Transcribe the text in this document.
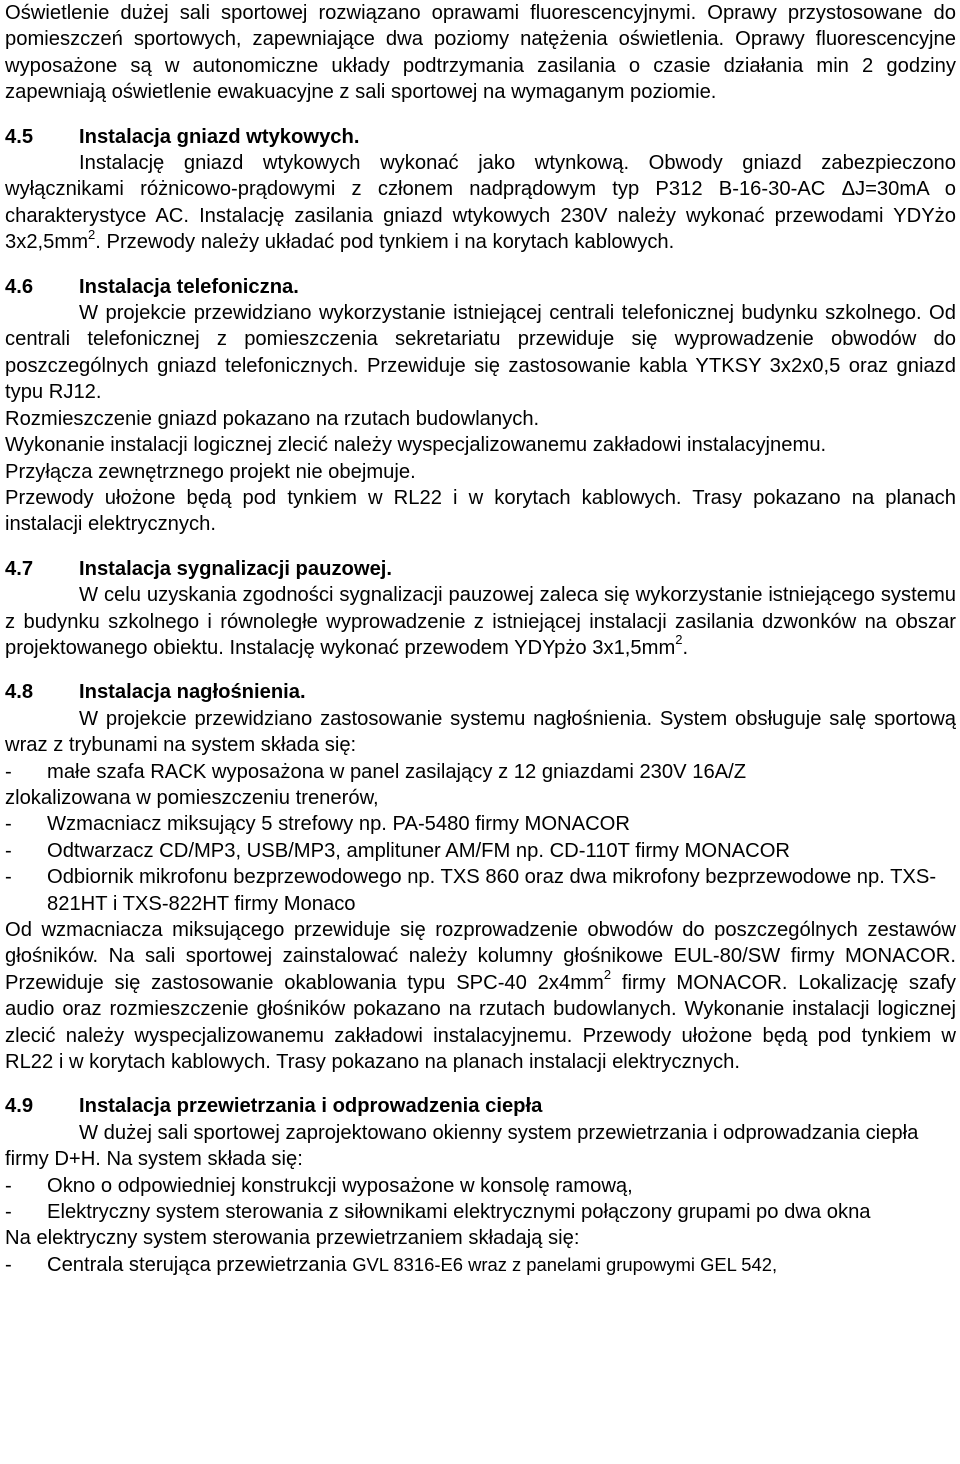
Oświetlenie dużej sali sportowej rozwiązano oprawami fluorescencyjnymi. Oprawy przystosowane do pomieszczeń sportowych, zapewniające dwa poziomy natężenia oświetlenia. Oprawy fluorescencyjne wyposażone są w autonomiczne układy podtrzymania zasilania o czasie działania min 2 godziny zapewniają oświetlenie ewakuacyjne z sali sportowej na wymaganym poziomie.

4.5 Instalacja gniazd wtykowych.

Instalację gniazd wtykowych wykonać jako wtynkową. Obwody gniazd zabezpieczono wyłącznikami różnicowo-prądowymi z członem nadprądowym typ P312 B-16-30-AC ΔJ=30mA o charakterystyce AC. Instalację zasilania gniazd wtykowych 230V należy wykonać przewodami YDYżo $3x2,5mm^2$. Przewody należy układać pod tynkiem i na korytach kablowych.

4.6 Instalacja telefoniczna.

W projekcie przewidziano wykorzystanie istniejącej centrali telefonicznej budynku szkolnego. Od centrali telefonicznej z pomieszczenia sekretariatu przewiduje się wyprowadzenie obwodów do poszczególnych gniazd telefonicznych. Przewiduje się zastosowanie kabla YTKSY 3x2x0,5 oraz gniazd typu RJ12.

Rozmieszczenie gniazd pokazano na rzutach budowlanych.

Wykonanie instalacji logicznej zlecić należy wyspecjalizowanemu zakładowi instalacyjnemu.

Przyłącza zewnętrznego projekt nie obejmuje.

Przewody ułożone będą pod tynkiem w RL22 i w korytach kablowych. Trasy pokazano na planach instalacji elektrycznych.

4.7 Instalacja sygnalizacji pauzowej.

W celu uzyskania zgodności sygnalizacji pauzowej zaleca się wykorzystanie istniejącego systemu z budynku szkolnego i równoległe wyprowadzenie z istniejącej instalacji zasilania dzwonków na obszar projektowanego obiektu. Instalację wykonać przewodem YDYpżo $3x1,5mm^2$.

4.8 Instalacja nagłośnienia.

W projekcie przewidziano zastosowanie systemu nagłośnienia. System obsługuje salę sportową wraz z trybunami na system składa się:

-	małe szafa RACK wyposażona w panel zasilający z 12 gniazdami 230V 16A/Z

zlokalizowana w pomieszczeniu trenerów,

-	Wzmacniacz miksujący 5 strefowy np. PA-5480 firmy MONACOR
-	Odtwarzacz CD/MP3, USB/MP3, amplituner AM/FM np. CD-110T firmy MONACOR
-	Odbiornik mikrofonu bezprzewodowego np. TXS 860 oraz dwa mikrofony bezprzewodowe np. TXS-821HT i TXS-822HT firmy Monaco

Od wzmacniacza miksującego przewiduje się rozprowadzenie obwodów do poszczególnych zestawów głośników. Na sali sportowej zainstalować należy kolumny głośnikowe EUL-80/SW firmy MONACOR. Przewiduje się zastosowanie okablowania typu SPC-40 $2x4mm^2$ firmy MONACOR. Lokalizację szafy audio oraz rozmieszczenie głośników pokazano na rzutach budowlanych. Wykonanie instalacji logicznej zlecić należy wyspecjalizowanemu zakładowi instalacyjnemu. Przewody ułożone będą pod tynkiem w RL22 i w korytach kablowych. Trasy pokazano na planach instalacji elektrycznych.

4.9 Instalacja przewietrzania i odprowadzenia ciepła

W dużej sali sportowej zaprojektowano okienny system przewietrzania i odprowadzania ciepła firmy D+H. Na system składa się:

-	Okno o odpowiedniej konstrukcji wyposażone w konsolę ramową,
-	Elektryczny system sterowania z siłownikami elektrycznymi połączony grupami po dwa okna

Na elektryczny system sterowania przewietrzaniem składają się:

-	Centrala sterująca przewietrzania GVL 8316-E6 wraz z panelami grupowymi GEL 542,
